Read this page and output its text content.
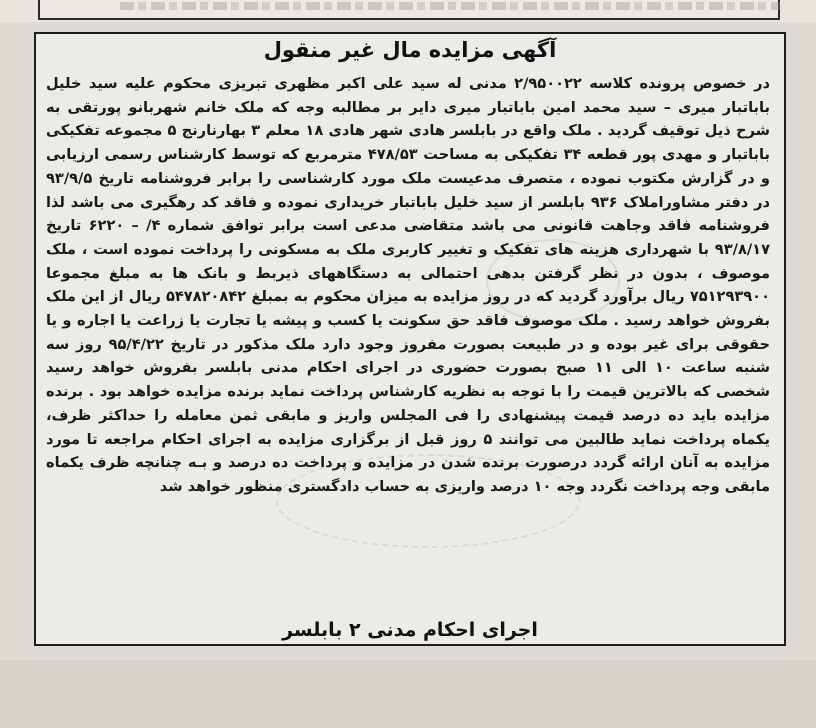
آگهی مزایده مال غیر منقول

در خصوص پرونده کلاسه ۲/۹۵۰۰۲۲ مدنی له سید علی اکبر مظهری تبریزی محکوم علیه سید خلیل باباتبار میری – سید محمد امین باباتبار میری دایر بر مطالبه وجه که ملک خانم شهربانو پورتقی به شرح ذیل توقیف گردید . ملک واقع در بابلسر هادی شهر هادی ۱۸ معلم ۳ بهارنارنج ۵ مجموعه تفکیکی باباتبار و مهدی پور قطعه ۳۴ تفکیکی به مساحت ۴۷۸/۵۳ مترمربع که توسط کارشناس رسمی ارزیابی و در گزارش مکتوب نموده ، متصرف مدعیست ملک مورد کارشناسی را برابر فروشنامه تاریخ ۹۳/۹/۵ در دفتر مشاوراملاک ۹۳۶ بابلسر از سید خلیل باباتبار خریداری نموده و فاقد کد رهگیری می باشد لذا فروشنامه فاقد وجاهت قانونی می باشد متقاضی مدعی است برابر توافق شماره ۴/ – ۶۲۲۰ تاریخ ۹۳/۸/۱۷ با شهرداری هزینه های تفکیک و تغییر کاربری ملک به مسکونی را پرداخت نموده است ، ملک موصوف ، بدون در نظر گرفتن بدهی احتمالی به دستگاههای ذیربط و بانک ها به مبلغ مجموعا ۷۵۱۲۹۳۹۰۰ ریال برآورد گردید که در روز مزایده به میزان محکوم به بمبلغ ۵۴۷۸۲۰۸۴۲ ریال از این ملک بفروش خواهد رسید . ملک موصوف فاقد حق سکونت یا کسب و پیشه یا تجارت یا زراعت یا اجاره و یا حقوقی برای غیر بوده و در طبیعت بصورت مفروز وجود دارد ملک مذکور در تاریخ ۹۵/۴/۲۲ روز سه شنبه ساعت ۱۰ الی ۱۱ صبح بصورت حضوری در اجرای احکام مدنی بابلسر بفروش خواهد رسید شخصی که بالاترین قیمت را با توجه به نظریه کارشناس پرداخت نماید برنده مزایده خواهد بود . برنده مزایده باید ده درصد قیمت پیشنهادی را فی المجلس واریز و مابقی ثمن معامله را حداکثر ظرف، یکماه پرداخت نماید طالبین می توانند ۵ روز قبل از برگزاری مزایده به اجرای احکام مراجعه تا مورد مزایده به آنان ارائه گردد درصورت برنده شدن در مزایده و پرداخت ده درصد و بـه چنانچه ظرف یکماه مابقی وجه پرداخت نگردد وجه ۱۰ درصد واریزی به حساب دادگستری منظور خواهد شد

اجرای احکام مدنی ۲ بابلسر
